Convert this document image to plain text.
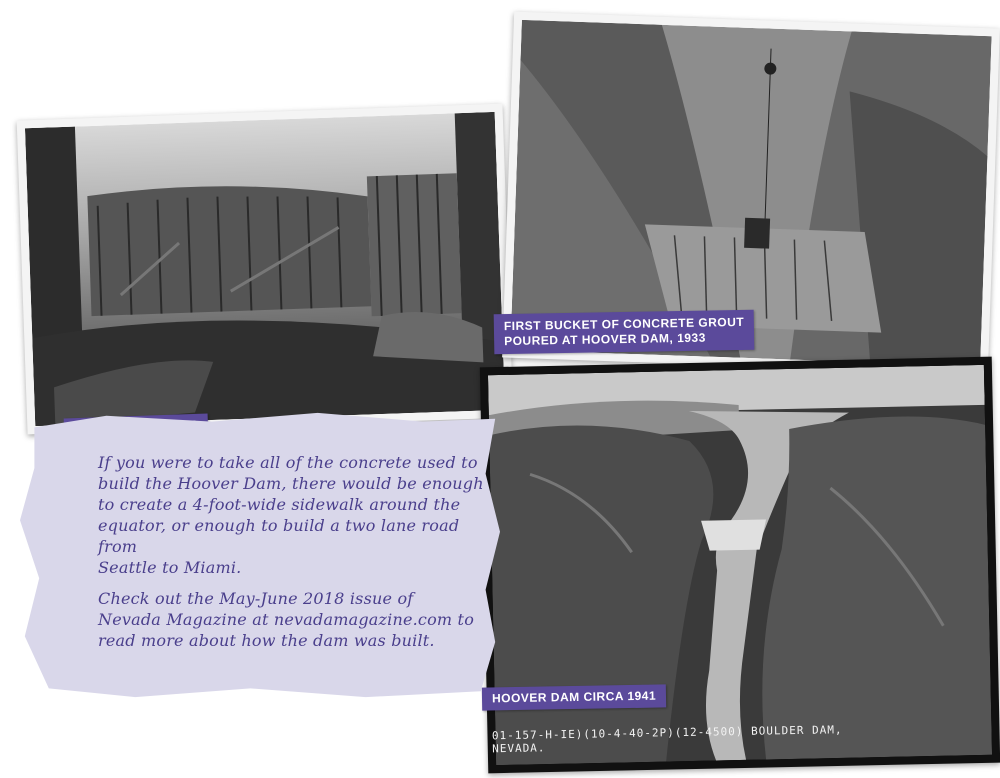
FIRST BUCKET OF CONCRETE GROUT
POURED AT HOOVER DAM, 1933
HOOVER DAM CIRCA 1941
01-157-H-IE)(10-4-40-2P)(12-4500) BOULDER DAM, NEVADA.
If you were to take all of the concrete used to
build the Hoover Dam, there would be enough
to create a 4-foot-wide sidewalk around the
equator, or enough to build a two lane road from
Seattle to Miami.
Check out the May-June 2018 issue of
Nevada Magazine at nevadamagazine.com to
read more about how the dam was built.
